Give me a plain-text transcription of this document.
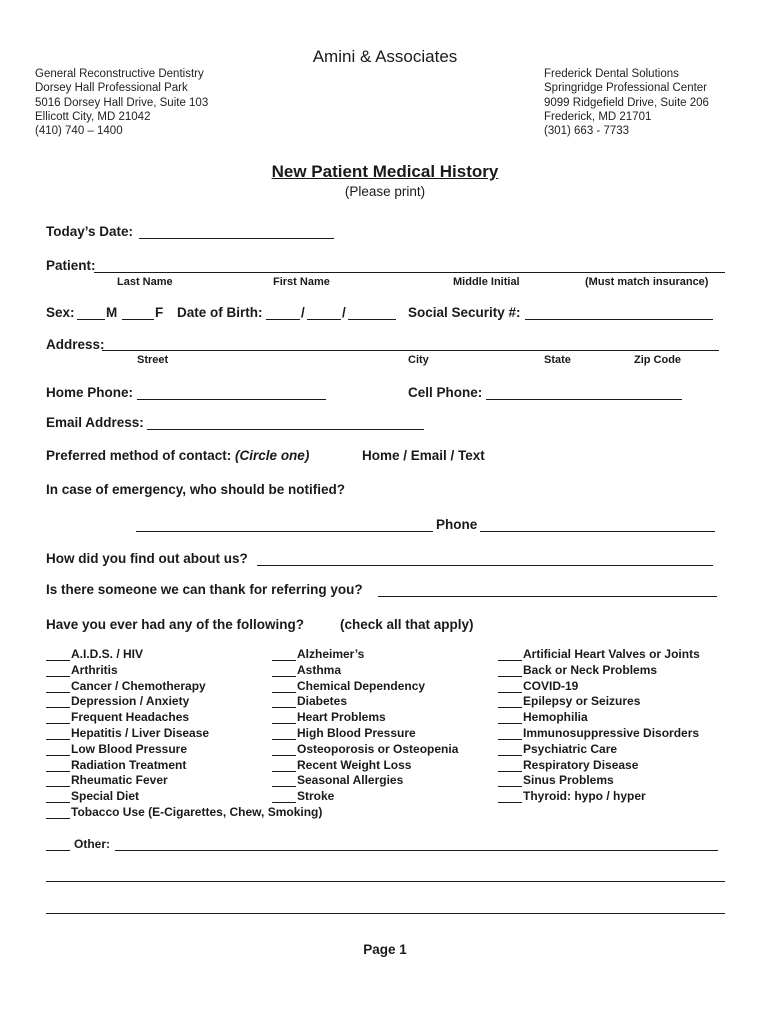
Amini & Associates
General Reconstructive Dentistry
Dorsey Hall Professional Park
5016 Dorsey Hall Drive, Suite 103
Ellicott City, MD 21042
(410) 740 – 1400
Frederick Dental Solutions
Springridge Professional Center
9099 Ridgefield Drive, Suite 206
Frederick, MD 21701
(301) 663 - 7733
New Patient Medical History
(Please print)
Today’s Date:
Patient:
Last Name	First Name	Middle Initial	(Must match insurance)
Sex: M	F Date of Birth:	/	/	Social Security #:
Address:
Street	City	State	Zip Code
Home Phone:	Cell Phone:
Email Address:
Preferred method of contact: (Circle one)	Home / Email / Text
In case of emergency, who should be notified?
Phone
How did you find out about us?
Is there someone we can thank for referring you?
Have you ever had any of the following?	(check all that apply)
A.I.D.S. / HIV
Arthritis
Cancer / Chemotherapy
Depression / Anxiety
Frequent Headaches
Hepatitis / Liver Disease
Low Blood Pressure
Radiation Treatment
Rheumatic Fever
Special Diet
Tobacco Use (E-Cigarettes, Chew, Smoking)
Alzheimer’s
Asthma
Chemical Dependency
Diabetes
Heart Problems
High Blood Pressure
Osteoporosis or Osteopenia
Recent Weight Loss
Seasonal Allergies
Stroke
Artificial Heart Valves or Joints
Back or Neck Problems
COVID-19
Epilepsy or Seizures
Hemophilia
Immunosuppressive Disorders
Psychiatric Care
Respiratory Disease
Sinus Problems
Thyroid: hypo / hyper
Other:
Page 1
